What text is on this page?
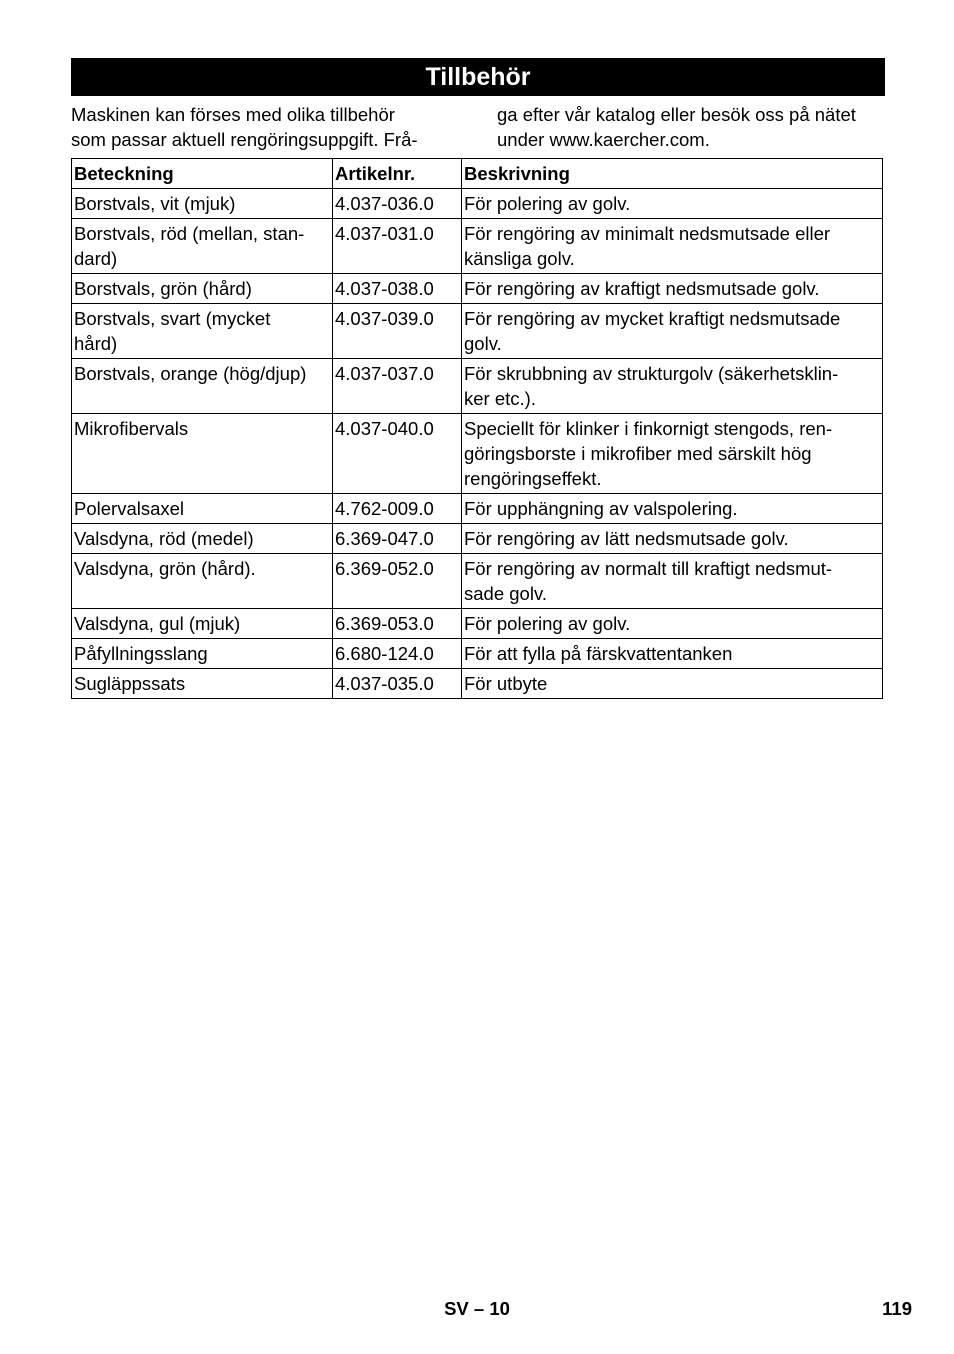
Tillbehör
Maskinen kan förses med olika tillbehör
som passar aktuell rengöringsuppgift. Frå-
ga efter vår katalog eller besök oss på nätet
under www.kaercher.com.
Beteckning	Artikelnr.	Beskrivning
Borstvals, vit (mjuk)	4.037-036.0	För polering av golv.
Borstvals, röd (mellan, stan-
dard)	4.037-031.0	För rengöring av minimalt nedsmutsade eller
känsliga golv.
Borstvals, grön (hård)	4.037-038.0	För rengöring av kraftigt nedsmutsade golv.
Borstvals, svart (mycket
hård)	4.037-039.0	För rengöring av mycket kraftigt nedsmutsade
golv.
Borstvals, orange (hög/djup)	4.037-037.0	För skrubbning av strukturgolv (säkerhetsklin-
ker etc.).
Mikrofibervals	4.037-040.0	Speciellt för klinker i finkornigt stengods, ren-
göringsborste i mikrofiber med särskilt hög
rengöringseffekt.
Polervalsaxel	4.762-009.0	För upphängning av valspolering.
Valsdyna, röd (medel)	6.369-047.0	För rengöring av lätt nedsmutsade golv.
Valsdyna, grön (hård).	6.369-052.0	För rengöring av normalt till kraftigt nedsmut-
sade golv.
Valsdyna, gul (mjuk)	6.369-053.0	För polering av golv.
Påfyllningsslang	6.680-124.0	För att fylla på färskvattentanken
Sugläppssats	4.037-035.0	För utbyte
SV – 10	119
